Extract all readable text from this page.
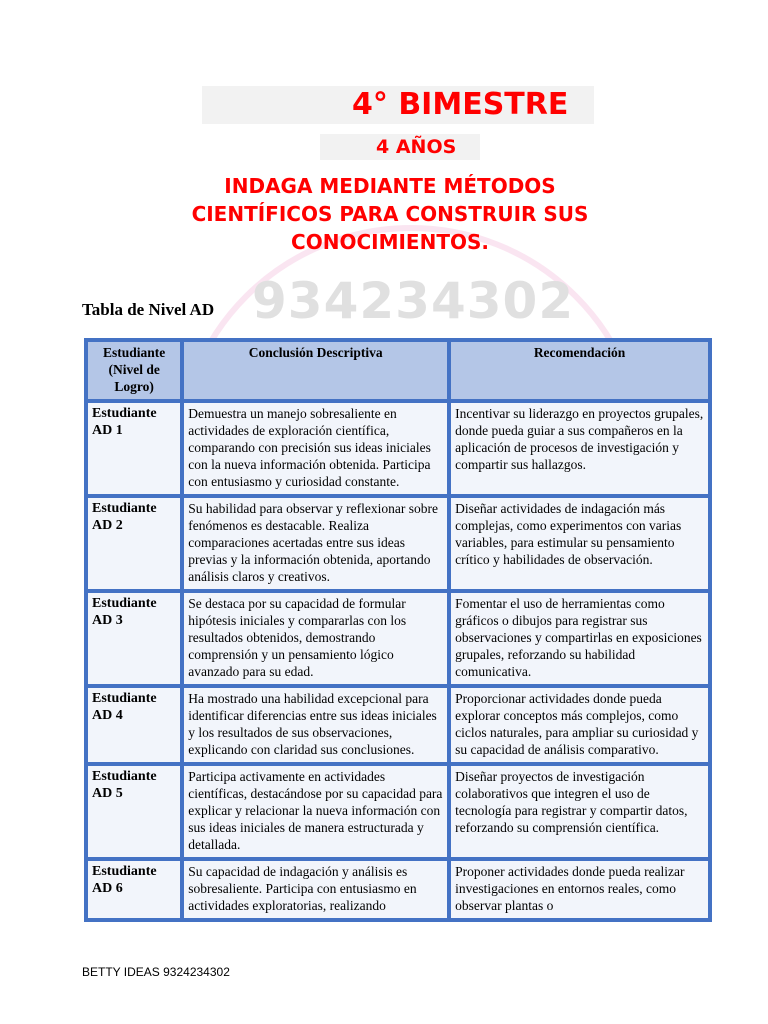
4° BIMESTRE
4 AÑOS
INDAGA MEDIANTE MÉTODOS
CIENTÍFICOS PARA CONSTRUIR SUS
CONOCIMIENTOS.
934234302
Tabla de Nivel AD
Estudiante (Nivel de Logro)	Conclusión Descriptiva	Recomendación
Estudiante AD 1	Demuestra un manejo sobresaliente en actividades de exploración científica, comparando con precisión sus ideas iniciales con la nueva información obtenida. Participa con entusiasmo y curiosidad constante.	Incentivar su liderazgo en proyectos grupales, donde pueda guiar a sus compañeros en la aplicación de procesos de investigación y compartir sus hallazgos.
Estudiante AD 2	Su habilidad para observar y reflexionar sobre fenómenos es destacable. Realiza comparaciones acertadas entre sus ideas previas y la información obtenida, aportando análisis claros y creativos.	Diseñar actividades de indagación más complejas, como experimentos con varias variables, para estimular su pensamiento crítico y habilidades de observación.
Estudiante AD 3	Se destaca por su capacidad de formular hipótesis iniciales y compararlas con los resultados obtenidos, demostrando comprensión y un pensamiento lógico avanzado para su edad.	Fomentar el uso de herramientas como gráficos o dibujos para registrar sus observaciones y compartirlas en exposiciones grupales, reforzando su habilidad comunicativa.
Estudiante AD 4	Ha mostrado una habilidad excepcional para identificar diferencias entre sus ideas iniciales y los resultados de sus observaciones, explicando con claridad sus conclusiones.	Proporcionar actividades donde pueda explorar conceptos más complejos, como ciclos naturales, para ampliar su curiosidad y su capacidad de análisis comparativo.
Estudiante AD 5	Participa activamente en actividades científicas, destacándose por su capacidad para explicar y relacionar la nueva información con sus ideas iniciales de manera estructurada y detallada.	Diseñar proyectos de investigación colaborativos que integren el uso de tecnología para registrar y compartir datos, reforzando su comprensión científica.
Estudiante AD 6	Su capacidad de indagación y análisis es sobresaliente. Participa con entusiasmo en actividades exploratorias, realizando	Proponer actividades donde pueda realizar investigaciones en entornos reales, como observar plantas o
BETTY IDEAS 9324234302
